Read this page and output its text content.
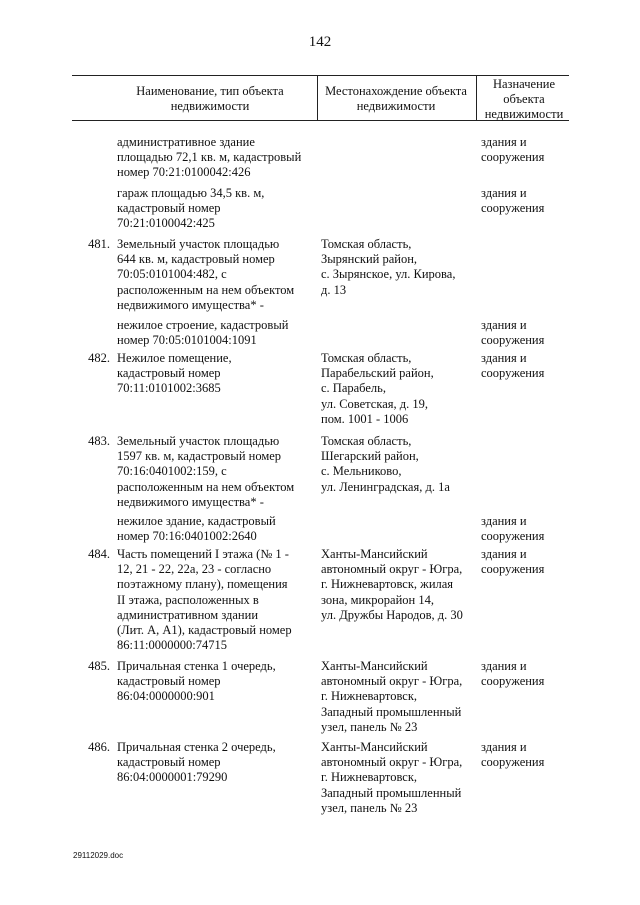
142
Наименование, тип объекта
недвижимости
Местонахождение объекта
недвижимости
Назначение
объекта
недвижимости
административное здание
площадью 72,1 кв. м, кадастровый
номер 70:21:0100042:426
здания и
сооружения
гараж площадью 34,5 кв. м,
кадастровый номер
70:21:0100042:425
здания и
сооружения
481. Земельный участок площадью
644 кв. м, кадастровый номер
70:05:0101004:482, с
расположенным на нем объектом
недвижимого имущества* -
Томская область,
Зырянский район,
с. Зырянское, ул. Кирова,
д. 13
нежилое строение, кадастровый
номер 70:05:0101004:1091
здания и
сооружения
482. Нежилое помещение,
кадастровый номер
70:11:0101002:3685
Томская область,
Парабельский район,
с. Парабель,
ул. Советская, д. 19,
пом. 1001 - 1006
здания и
сооружения
483. Земельный участок площадью
1597 кв. м, кадастровый номер
70:16:0401002:159, с
расположенным на нем объектом
недвижимого имущества* -
Томская область,
Шегарский район,
с. Мельниково,
ул. Ленинградская, д. 1а
нежилое здание, кадастровый
номер 70:16:0401002:2640
здания и
сооружения
484. Часть помещений I этажа (№ 1 -
12, 21 - 22, 22а, 23 - согласно
поэтажному плану), помещения
II этажа, расположенных в
административном здании
(Лит. А, А1), кадастровый номер
86:11:0000000:74715
Ханты-Мансийский
автономный округ - Югра,
г. Нижневартовск, жилая
зона, микрорайон 14,
ул. Дружбы Народов, д. 30
здания и
сооружения
485. Причальная стенка 1 очередь,
кадастровый номер
86:04:0000000:901
Ханты-Мансийский
автономный округ - Югра,
г. Нижневартовск,
Западный промышленный
узел, панель № 23
здания и
сооружения
486. Причальная стенка 2 очередь,
кадастровый номер
86:04:0000001:79290
Ханты-Мансийский
автономный округ - Югра,
г. Нижневартовск,
Западный промышленный
узел, панель № 23
здания и
сооружения
29112029.doc
